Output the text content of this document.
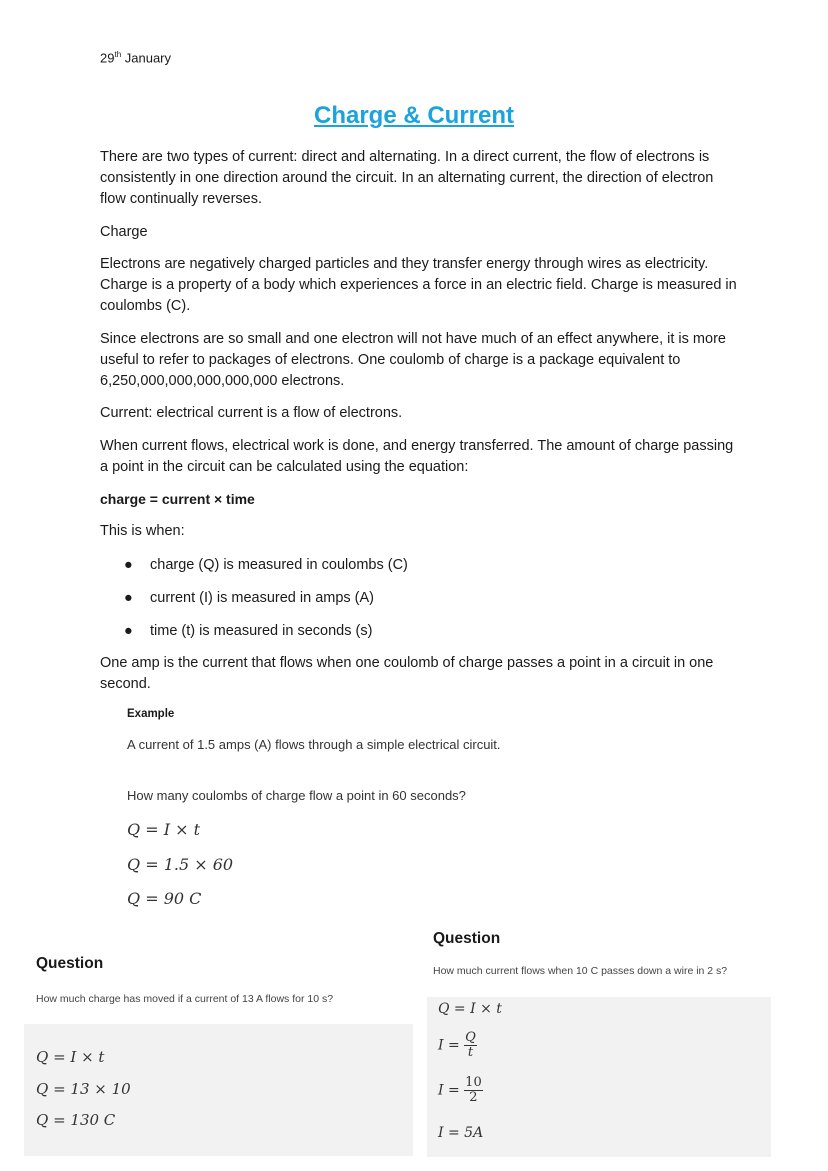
29th January
Charge & Current
There are two types of current: direct and alternating. In a direct current, the flow of electrons is consistently in one direction around the circuit. In an alternating current, the direction of electron flow continually reverses.
Charge
Electrons are negatively charged particles and they transfer energy through wires as electricity. Charge is a property of a body which experiences a force in an electric field. Charge is measured in coulombs (C).
Since electrons are so small and one electron will not have much of an effect anywhere, it is more useful to refer to packages of electrons. One coulomb of charge is a package equivalent to 6,250,000,000,000,000,000 electrons.
Current: electrical current is a flow of electrons.
When current flows, electrical work is done, and energy transferred. The amount of charge passing a point in the circuit can be calculated using the equation:
charge = current × time
This is when:
● charge (Q) is measured in coulombs (C)
● current (I) is measured in amps (A)
● time (t) is measured in seconds (s)
One amp is the current that flows when one coulomb of charge passes a point in a circuit in one second.
Example
A current of 1.5 amps (A) flows through a simple electrical circuit.
How many coulombs of charge flow a point in 60 seconds?
Q = I × t
Q = 1.5 × 60
Q = 90 C
Question
How much charge has moved if a current of 13 A flows for 10 s?
Q = I × t
Q = 13 × 10
Q = 130 C
Question
How much current flows when 10 C passes down a wire in 2 s?
Q = I × t
$I = \frac{Q}{t}$
$I = \frac{10}{2}$
I = 5A
